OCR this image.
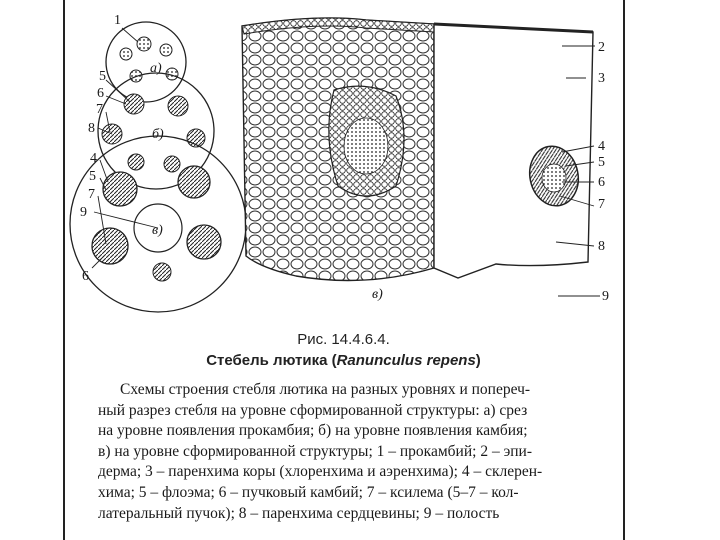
1
5
6
7
8
4
5
7
9
6
а)
б)
в)
2
3
4
5
6
7
8
9
в)
Рис. 14.4.6.4.
Стебель лютика (Ranunculus repens)
Схемы строения стебля лютика на разных уровнях и попереч-
ный разрез стебля на уровне сформированной структуры: а) срез
на уровне появления прокамбия; б) на уровне появления камбия;
в) на уровне сформированной структуры; 1 – прокамбий; 2 – эпи-
дерма; 3 – паренхима коры (хлоренхима и аэренхима); 4 – склерен-
хима; 5 – флоэма; 6 – пучковый камбий; 7 – ксилема (5–7 – кол-
латеральный пучок); 8 – паренхима сердцевины; 9 – полость
